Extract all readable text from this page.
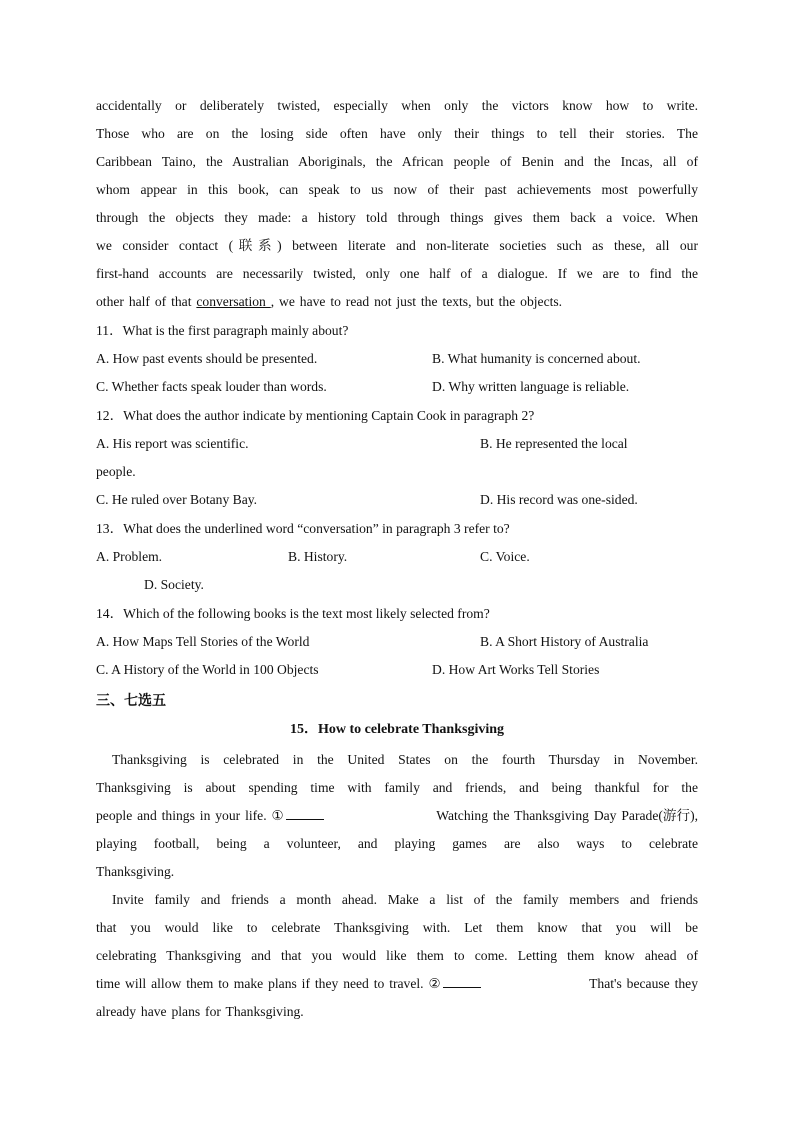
accidentally or deliberately twisted, especially when only the victors know how to write.
Those who are on the losing side often have only their things to tell their stories. The
Caribbean Taino, the Australian Aboriginals, the African people of Benin and the Incas, all of
whom appear in this book, can speak to us now of their past achievements most powerfully
through the objects they made: a history told through things gives them back a voice. When
we consider contact (联系) between literate and non-literate societies such as these, all our
first-hand accounts are necessarily twisted, only one half of a dialogue. If we are to find the
other half of that conversation , we have to read not just the texts, but the objects.
11．What is the first paragraph mainly about?
A. How past events should be presented.	B. What humanity is concerned about.
C. Whether facts speak louder than words.	D. Why written language is reliable.
12．What does the author indicate by mentioning Captain Cook in paragraph 2?
A. His report was scientific.	B. He represented the local
people.
C. He ruled over Botany Bay.	D. His record was one-sided.
13．What does the underlined word “conversation” in paragraph 3 refer to?
A. Problem.	B. History.	C. Voice.
D. Society.
14．Which of the following books is the text most likely selected from?
A. How Maps Tell Stories of the World	B. A Short History of Australia
C. A History of the World in 100 Objects	D. How Art Works Tell Stories
三、七选五
15．How to celebrate Thanksgiving
Thanksgiving is celebrated in the United States on the fourth Thursday in November.
Thanksgiving is about spending time with family and friends, and being thankful for the
people and things in your life. ①	Watching the Thanksgiving Day Parade(游行),
playing football, being a volunteer, and playing games are also ways to celebrate
Thanksgiving.
Invite family and friends a month ahead. Make a list of the family members and friends
that you would like to celebrate Thanksgiving with. Let them know that you will be
celebrating Thanksgiving and that you would like them to come. Letting them know ahead of
time will allow them to make plans if they need to travel. ②	That's because they
already have plans for Thanksgiving.
